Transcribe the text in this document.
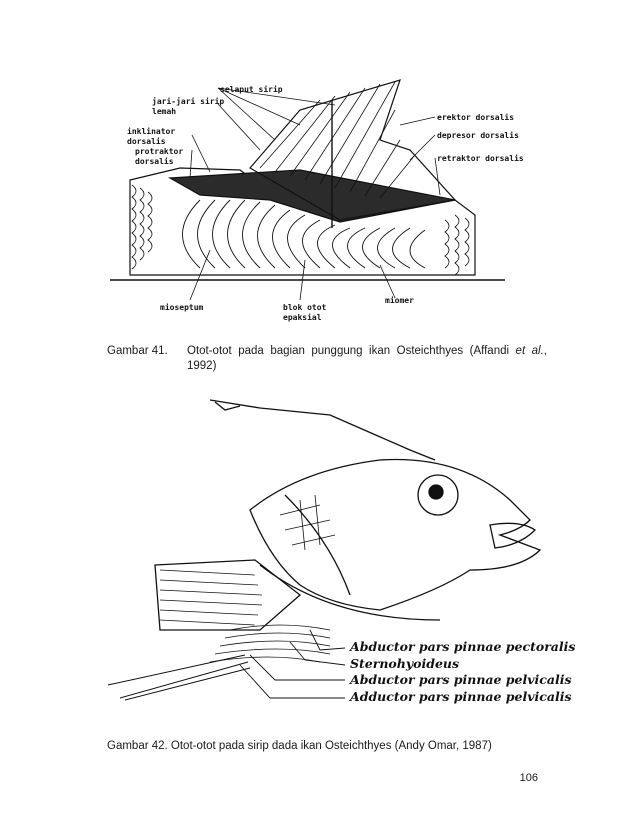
selaput sirip
jari-jari sirip
lemah
inklinator
dorsalis
protraktor
dorsalis
erektor dorsalis
depresor dorsalis
retraktor dorsalis
mioseptum	blok otot
epaksial
miomer
Gambar 41. Otot-otot pada bagian punggung ikan Osteichthyes (Affandi et al., 1992)
Abductor pars pinnae pectoralis
Sternohyoideus
Abductor pars pinnae pelvicalis
Adductor pars pinnae pelvicalis
Gambar 42. Otot-otot pada sirip dada ikan Osteichthyes (Andy Omar, 1987)
106
